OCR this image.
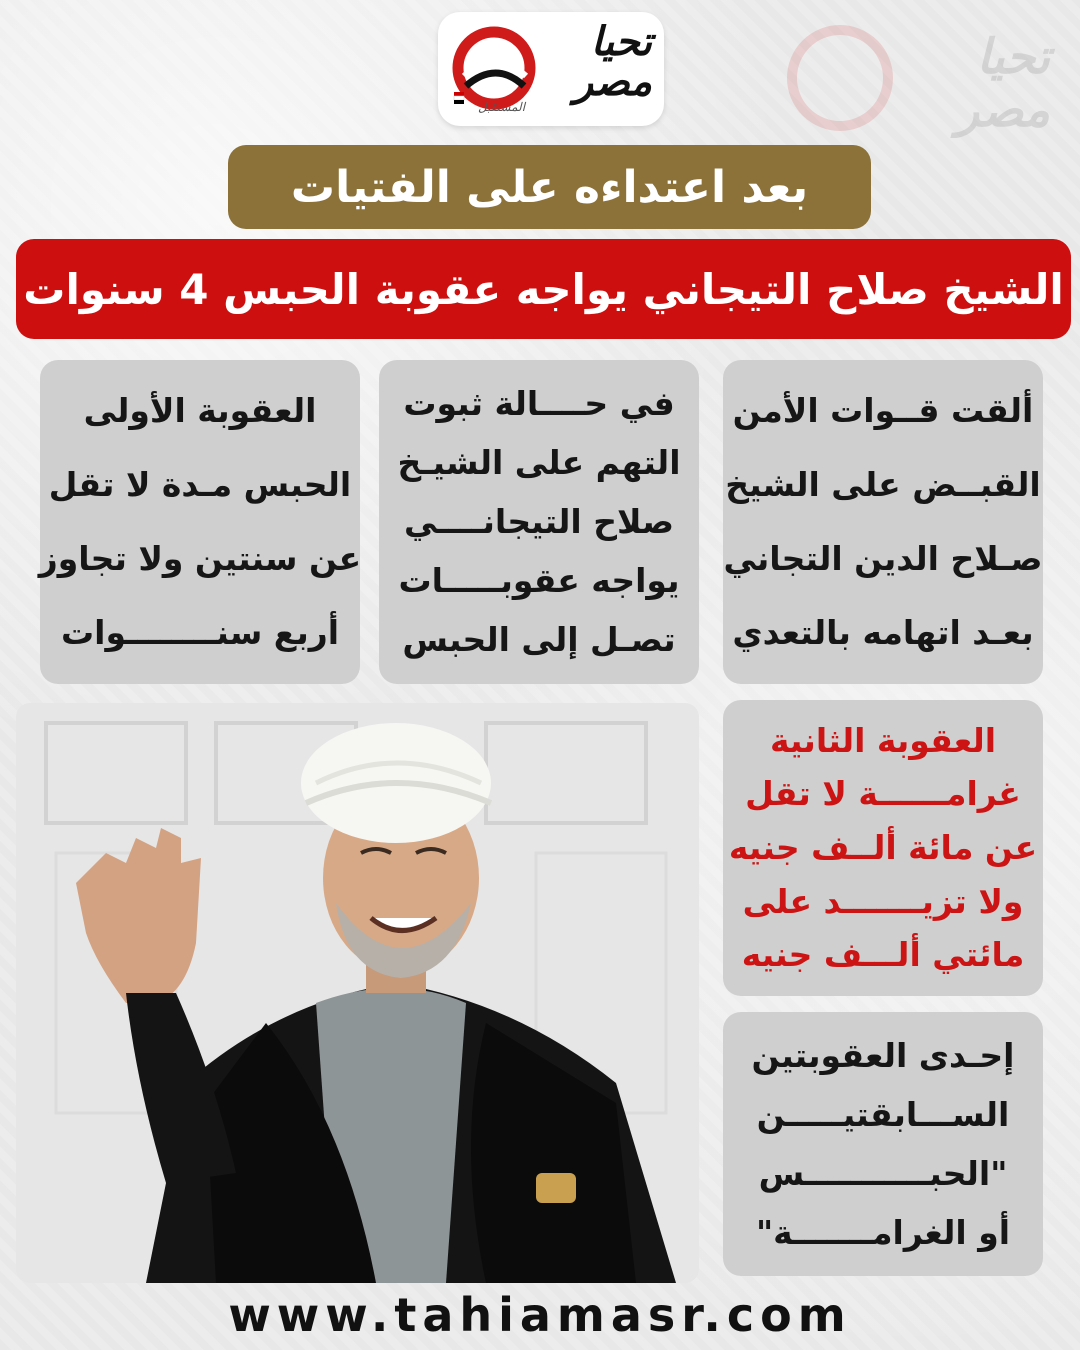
تحيا
مصر
المستقبل
بعد اعتداءه على الفتيات
الشيخ صلاح التيجاني يواجه عقوبة الحبس 4 سنوات
ألقت قــوات الأمن
القبــض على الشيخ
صـلاح الدين التجاني
بعـد اتهامه بالتعدي
في حــــالة ثبوت
التهم على الشيـخ
صلاح التيجانــــي
يواجه عقوبـــــات
تصـل إلى الحبس
العقوبة الأولى
الحبس مـدة لا تقل
عن سنتين ولا تجاوز
أربع سنــــــــوات
العقوبة الثانية
غرامــــــة لا تقل
عن مائة ألــف جنيه
ولا تزيـــــــد على
مائتي ألـــف جنيه
إحـدى العقوبتين
الســـابقتيـــــن
"الحبـــــــــــس
أو الغرامـــــــة"
www.tahiamasr.com
